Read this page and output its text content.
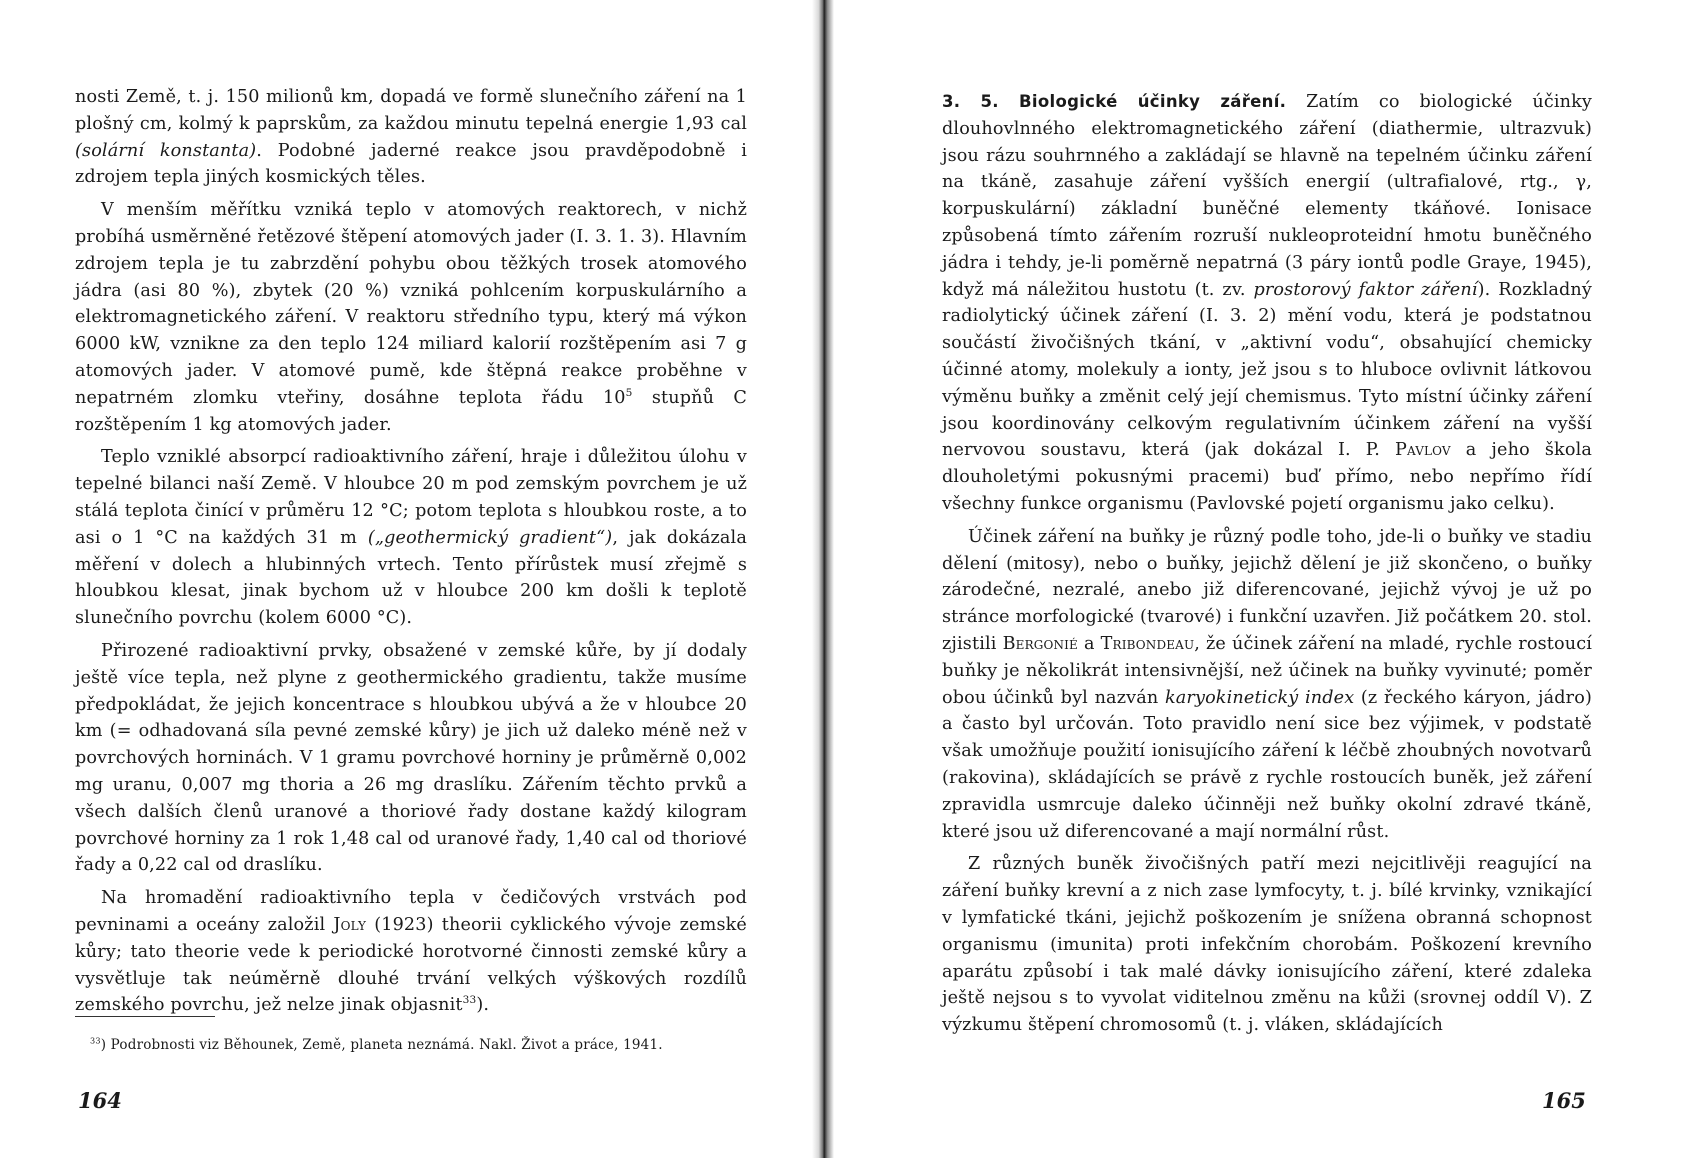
nosti Země, t. j. 150 milionů km, dopadá ve formě slunečního záření na 1 plošný cm, kolmý k paprskům, za každou minutu tepelná energie 1,93 cal (solární konstanta). Podobné jaderné reakce jsou pravděpodobně i zdrojem tepla jiných kosmických těles.

V menším měřítku vzniká teplo v atomových reaktorech, v nichž probíhá usměrněné řetězové štěpení atomových jader (I. 3. 1. 3). Hlavním zdrojem tepla je tu zabrzdění pohybu obou těžkých trosek atomového jádra (asi 80 %), zbytek (20 %) vzniká pohlcením korpuskulárního a elektromagnetického záření. V reaktoru středního typu, který má výkon 6000 kW, vznikne za den teplo 124 miliard kalorií rozštěpením asi 7 g atomových jader. V atomové pumě, kde štěpná reakce proběhne v nepatrném zlomku vteřiny, dosáhne teplota řádu $10^5$ stupňů C rozštěpením 1 kg atomových jader.

Teplo vzniklé absorpcí radioaktivního záření, hraje i důležitou úlohu v tepelné bilanci naší Země. V hloubce 20 m pod zemským povrchem je už stálá teplota činící v průměru 12 °C; potom teplota s hloubkou roste, a to asi o 1 °C na každých 31 m („geothermický gradient“), jak dokázala měření v dolech a hlubinných vrtech. Tento přírůstek musí zřejmě s hloubkou klesat, jinak bychom už v hloubce 200 km došli k teplotě slunečního povrchu (kolem 6000 °C).

Přirozené radioaktivní prvky, obsažené v zemské kůře, by jí dodaly ještě více tepla, než plyne z geothermického gradientu, takže musíme předpokládat, že jejich koncentrace s hloubkou ubývá a že v hloubce 20 km (= odhadovaná síla pevné zemské kůry) je jich už daleko méně než v povrchových horninách. V 1 gramu povrchové horniny je průměrně 0,002 mg uranu, 0,007 mg thoria a 26 mg draslíku. Zářením těchto prvků a všech dalších členů uranové a thoriové řady dostane každý kilogram povrchové horniny za 1 rok 1,48 cal od uranové řady, 1,40 cal od thoriové řady a 0,22 cal od draslíku.

Na hromadění radioaktivního tepla v čedičových vrstvách pod pevninami a oceány založil Joly (1923) theorii cyklického vývoje zemské kůry; tato theorie vede k periodické horotvorné činnosti zemské kůry a vysvětluje tak neúměrně dlouhé trvání velkých výškových rozdílů zemského povrchu, jež nelze jinak objasnit$^{33}$).

$^{33}$) Podrobnosti viz Běhounek, Země, planeta neznámá. Nakl. Život a práce, 1941.
164

3. 5. Biologické účinky záření. Zatím co biologické účinky dlouhovlnného elektromagnetického záření (diathermie, ultrazvuk) jsou rázu souhrnného a zakládají se hlavně na tepelném účinku záření na tkáně, zasahuje záření vyšších energií (ultrafialové, rtg., γ, korpuskulární) základní buněčné elementy tkáňové. Ionisace způsobená tímto zářením rozruší nukleoproteidní hmotu buněčného jádra i tehdy, je-li poměrně nepatrná (3 páry iontů podle Graye, 1945), když má náležitou hustotu (t. zv. prostorový faktor záření). Rozkladný radiolytický účinek záření (I. 3. 2) mění vodu, která je podstatnou součástí živočišných tkání, v „aktivní vodu“, obsahující chemicky účinné atomy, molekuly a ionty, jež jsou s to hluboce ovlivnit látkovou výměnu buňky a změnit celý její chemismus. Tyto místní účinky záření jsou koordinovány celkovým regulativním účinkem záření na vyšší nervovou soustavu, která (jak dokázal I. P. Pavlov a jeho škola dlouholetými pokusnými pracemi) buď přímo, nebo nepřímo řídí všechny funkce organismu (Pavlovské pojetí organismu jako celku).

Účinek záření na buňky je různý podle toho, jde-li o buňky ve stadiu dělení (mitosy), nebo o buňky, jejichž dělení je již skončeno, o buňky zárodečné, nezralé, anebo již diferencované, jejichž vývoj je už po stránce morfologické (tvarové) i funkční uzavřen. Již počátkem 20. stol. zjistili Bergonié a Tribondeau, že účinek záření na mladé, rychle rostoucí buňky je několikrát intensivnější, než účinek na buňky vyvinuté; poměr obou účinků byl nazván karyokinetický index (z řeckého káryon, jádro) a často byl určován. Toto pravidlo není sice bez výjimek, v podstatě však umožňuje použití ionisujícího záření k léčbě zhoubných novotvarů (rakovina), skládajících se právě z rychle rostoucích buněk, jež záření zpravidla usmrcuje daleko účinněji než buňky okolní zdravé tkáně, které jsou už diferencované a mají normální růst.

Z různých buněk živočišných patří mezi nejcitlivěji reagující na záření buňky krevní a z nich zase lymfocyty, t. j. bílé krvinky, vznikající v lymfatické tkáni, jejichž poškozením je snížena obranná schopnost organismu (imunita) proti infekčním chorobám. Poškození krevního aparátu způsobí i tak malé dávky ionisujícího záření, které zdaleka ještě nejsou s to vyvolat viditelnou změnu na kůži (srovnej oddíl V). Z výzkumu štěpení chromosomů (t. j. vláken, skládajících

165
